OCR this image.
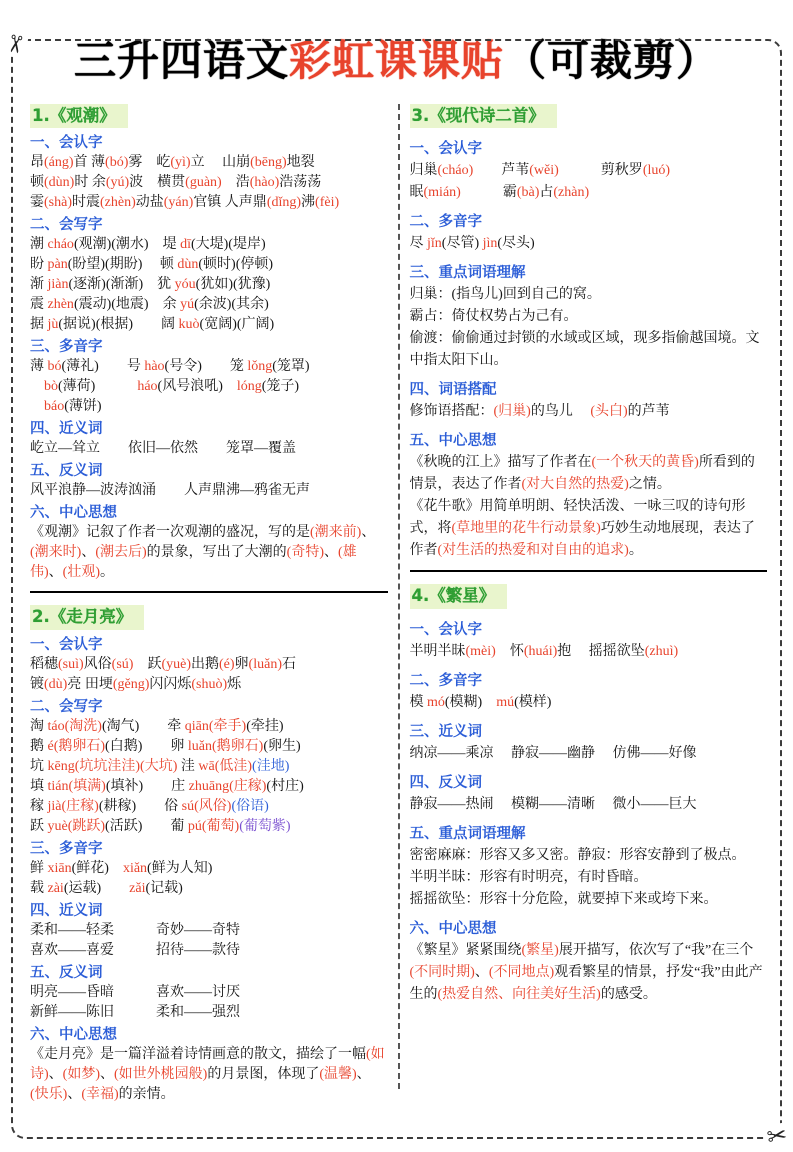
✂
✂
三升四语文彩虹课课贴（可裁剪）
1.《观潮》
一、会认字
昂(áng)首 薄(bó)雾　屹(yì)立　 山崩(bēng)地裂
顿(dùn)时 余(yú)波　横贯(guàn)　浩(hào)浩荡荡
霎(shà)时震(zhèn)动盐(yán)官镇 人声鼎(dǐng)沸(fèi)
二、会写字
潮 cháo(观潮)(潮水)　堤 dī(大堤)(堤岸)
盼 pàn(盼望)(期盼)　 顿 dùn(顿时)(停顿)
渐 jiàn(逐渐)(渐渐)　犹 yóu(犹如)(犹豫)
震 zhèn(震动)(地震)　余 yú(余波)(其余)
据 jù(据说)(根据)　　阔 kuò(宽阔)(广阔)
三、多音字
薄 bó(薄礼)　　号 hào(号令)　　笼 lǒng(笼罩)
　bò(薄荷)　　　háo(风号浪吼)　lóng(笼子)
　báo(薄饼)
四、近义词
屹立—耸立　　依旧—依然　　笼罩—覆盖
五、反义词
风平浪静—波涛汹涌　　人声鼎沸—鸦雀无声
六、中心思想
《观潮》记叙了作者一次观潮的盛况，写的是(潮来前)、(潮来时)、(潮去后)的景象，写出了大潮的(奇特)、(雄伟)、(壮观)。
2.《走月亮》
一、会认字
稻穗(suì)风俗(sú)　跃(yuè)出鹅(é)卵(luǎn)石
镀(dù)亮 田埂(gěng)闪闪烁(shuò)烁
二、会写字
淘 táo(淘洗)(淘气)　　牵 qiān(牵手)(牵挂)
鹅 é(鹅卵石)(白鹅)　　卵 luǎn(鹅卵石)(卵生)
坑 kēng(坑坑洼洼)(大坑) 洼 wā(低洼)(洼地)
填 tián(填满)(填补)　　庄 zhuāng(庄稼)(村庄)
稼 jià(庄稼)(耕稼)　　俗 sú(风俗)(俗语)
跃 yuè(跳跃)(活跃)　　葡 pú(葡萄)(葡萄紫)
三、多音字
鲜 xiān(鲜花)　xiǎn(鲜为人知)
载 zài(运载)　　zǎi(记载)
四、近义词
柔和——轻柔　　　奇妙——奇特
喜欢——喜爱　　　招待——款待
五、反义词
明亮——昏暗　　　喜欢——讨厌
新鲜——陈旧　　　柔和——强烈
六、中心思想
《走月亮》是一篇洋溢着诗情画意的散文，描绘了一幅(如诗)、(如梦)、(如世外桃园般)的月景图，体现了(温馨)、(快乐)、(幸福)的亲情。
3.《现代诗二首》
一、会认字
归巢(cháo)　　芦苇(wěi)　　　剪秋罗(luó)
眠(mián)　　　霸(bà)占(zhàn)
二、多音字
尽 jǐn(尽管) jìn(尽头)
三、重点词语理解
归巢：(指鸟儿)回到自己的窝。
霸占：倚仗权势占为己有。
偷渡：偷偷通过封锁的水域或区域，现多指偷越国境。文中指太阳下山。
四、词语搭配
修饰语搭配：(归巢)的鸟儿　 (头白)的芦苇
五、中心思想
《秋晚的江上》描写了作者在(一个秋天的黄昏)所看到的情景，表达了作者(对大自然的热爱)之情。
《花牛歌》用简单明朗、轻快活泼、一咏三叹的诗句形式，将(草地里的花牛行动景象)巧妙生动地展现，表达了作者(对生活的热爱和对自由的追求)。
4.《繁星》
一、会认字
半明半昧(mèi)　怀(huái)抱　 摇摇欲坠(zhuì)
二、多音字
模 mó(模糊)　mú(模样)
三、近义词
纳凉——乘凉　 静寂——幽静　 仿佛——好像
四、反义词
静寂——热闹　 模糊——清晰　 微小——巨大
五、重点词语理解
密密麻麻：形容又多又密。静寂：形容安静到了极点。
半明半昧：形容有时明亮，有时昏暗。
摇摇欲坠：形容十分危险，就要掉下来或垮下来。
六、中心思想
《繁星》紧紧围绕(繁星)展开描写，依次写了“我”在三个(不同时期)、(不同地点)观看繁星的情景，抒发“我”由此产生的(热爱自然、向往美好生活)的感受。
